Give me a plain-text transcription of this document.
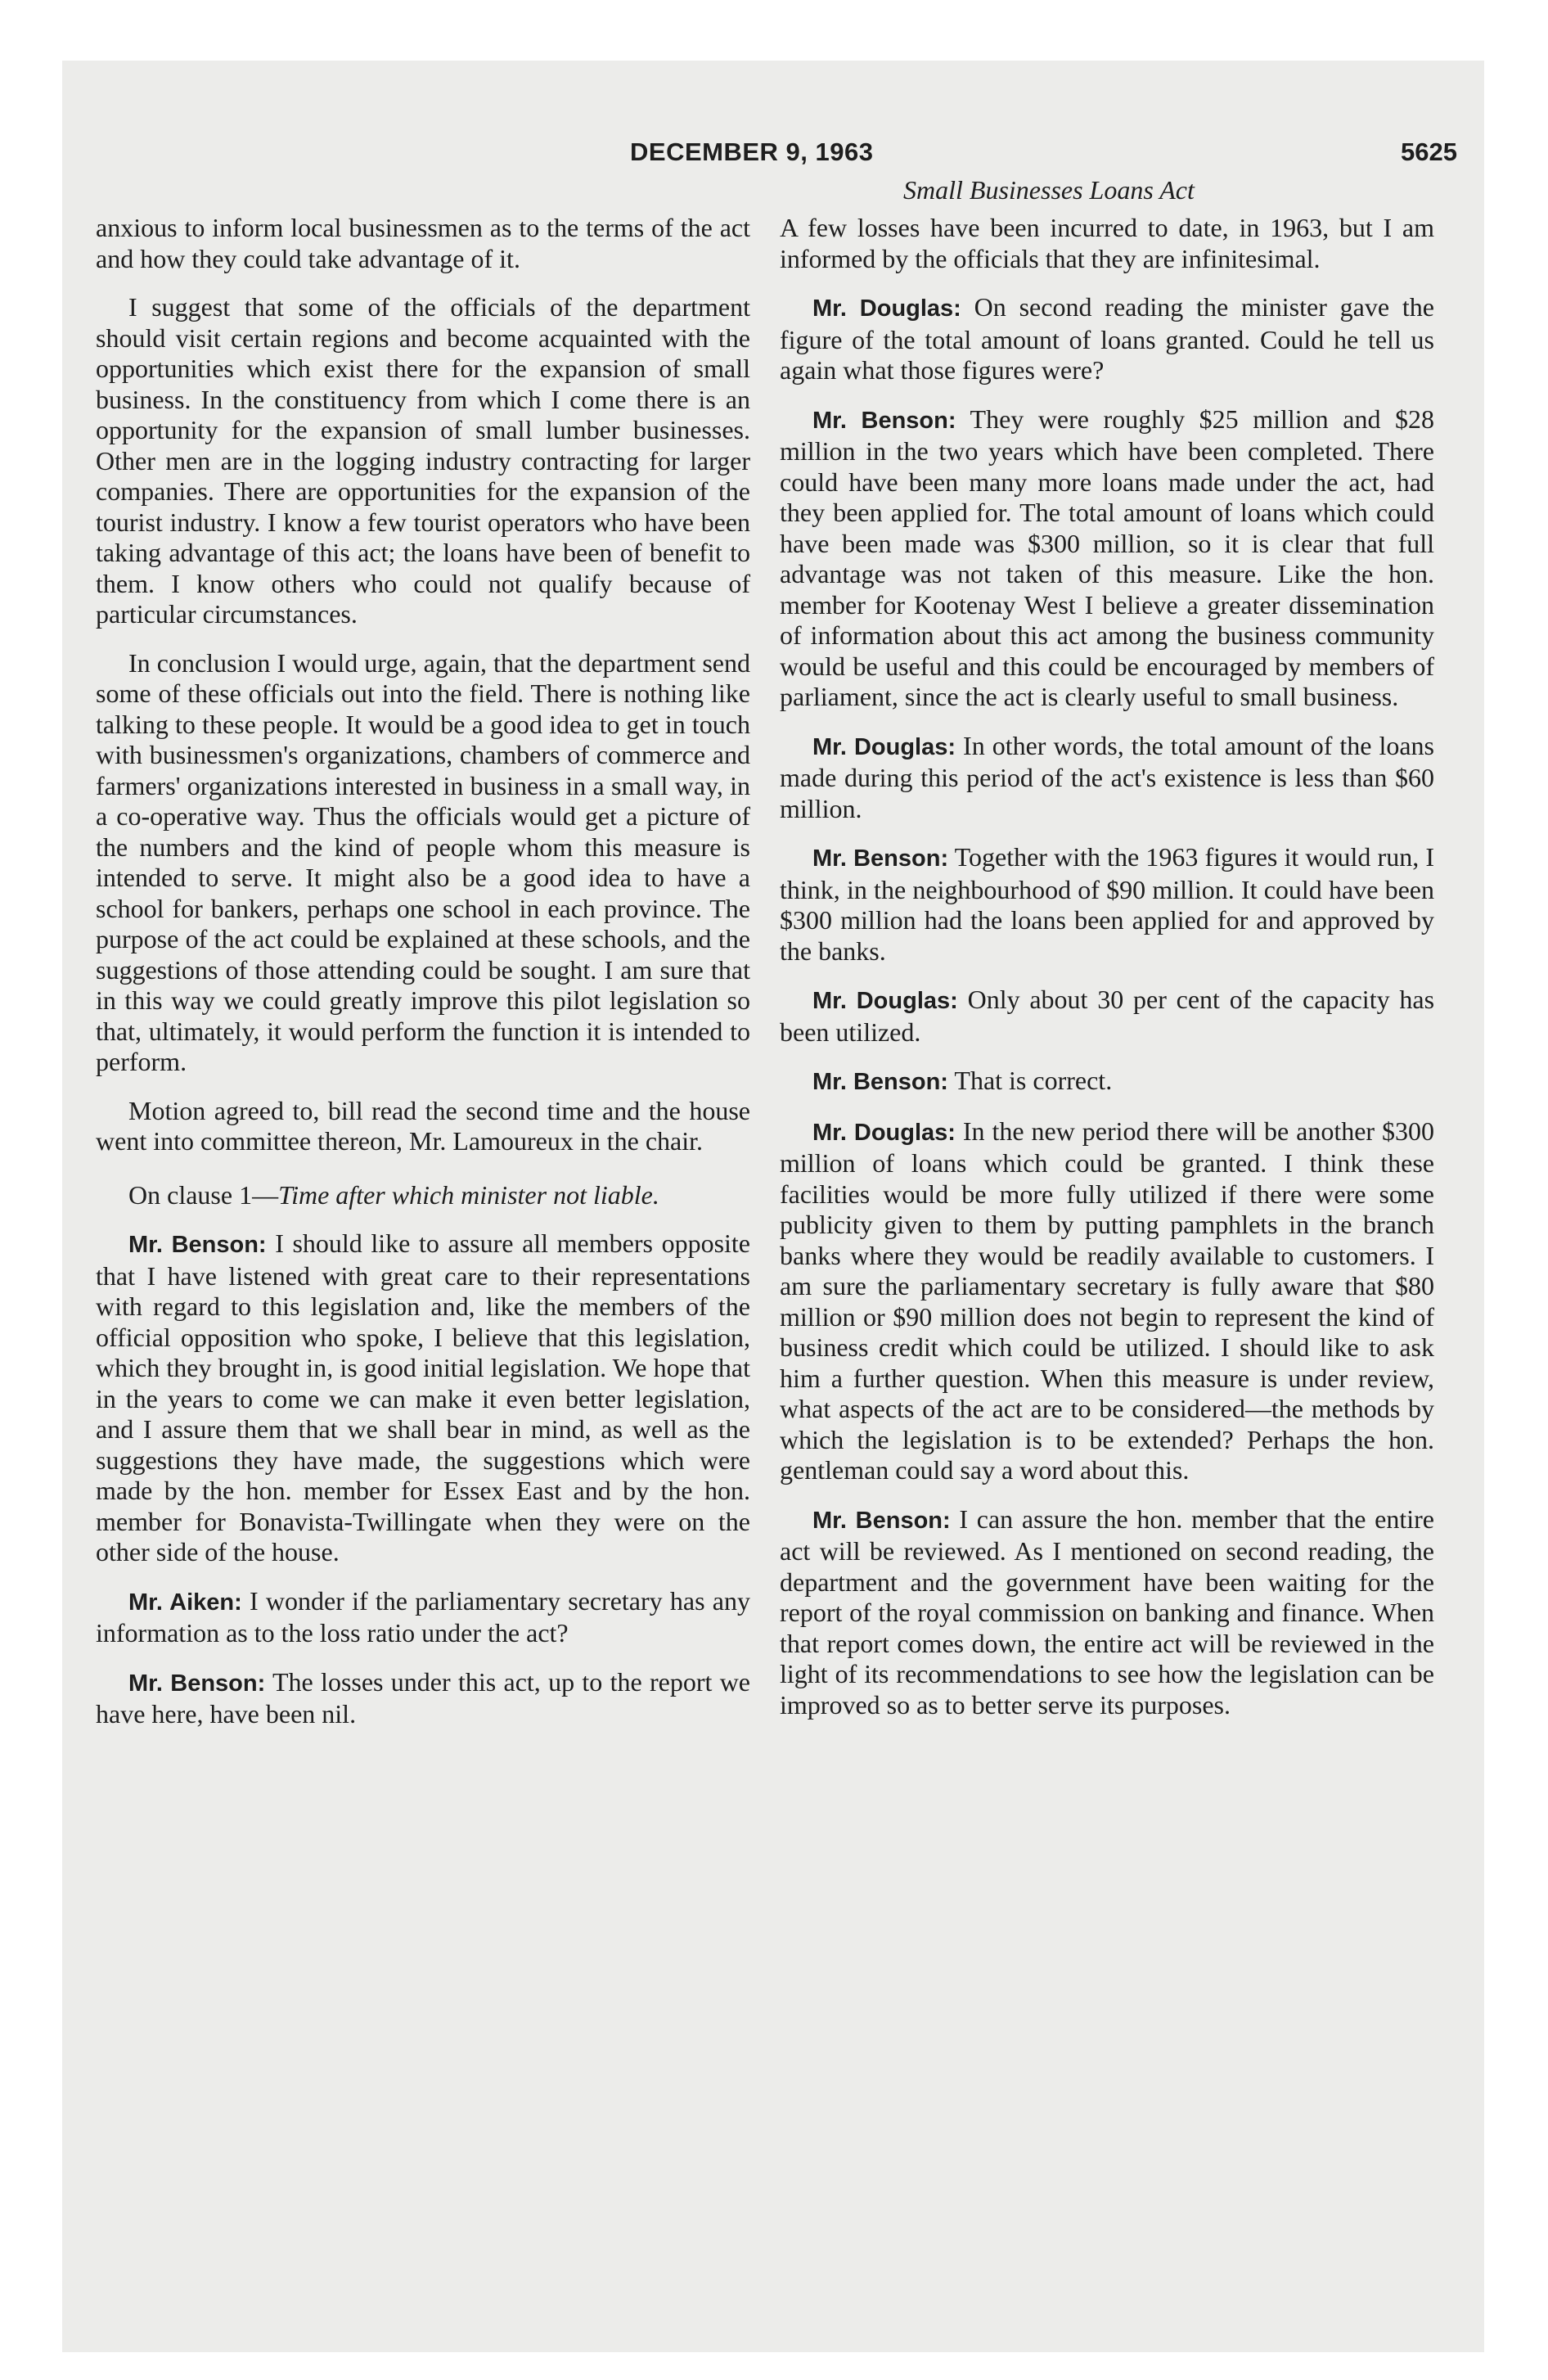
DECEMBER 9, 1963	5625
Small Businesses Loans Act

anxious to inform local businessmen as to the terms of the act and how they could take advantage of it.

I suggest that some of the officials of the department should visit certain regions and become acquainted with the opportunities which exist there for the expansion of small business. In the constituency from which I come there is an opportunity for the expansion of small lumber businesses. Other men are in the logging industry contracting for larger companies. There are opportunities for the expansion of the tourist industry. I know a few tourist operators who have been taking advantage of this act; the loans have been of benefit to them. I know others who could not qualify because of particular circumstances.

In conclusion I would urge, again, that the department send some of these officials out into the field. There is nothing like talking to these people. It would be a good idea to get in touch with businessmen's organizations, chambers of commerce and farmers' organizations interested in business in a small way, in a co-operative way. Thus the officials would get a picture of the numbers and the kind of people whom this measure is intended to serve. It might also be a good idea to have a school for bankers, perhaps one school in each province. The purpose of the act could be explained at these schools, and the suggestions of those attending could be sought. I am sure that in this way we could greatly improve this pilot legislation so that, ultimately, it would perform the function it is intended to perform.

Motion agreed to, bill read the second time and the house went into committee thereon, Mr. Lamoureux in the chair.

On clause 1—Time after which minister not liable.

Mr. Benson: I should like to assure all members opposite that I have listened with great care to their representations with regard to this legislation and, like the members of the official opposition who spoke, I believe that this legislation, which they brought in, is good initial legislation. We hope that in the years to come we can make it even better legislation, and I assure them that we shall bear in mind, as well as the suggestions they have made, the suggestions which were made by the hon. member for Essex East and by the hon. member for Bonavista-Twillingate when they were on the other side of the house.

Mr. Aiken: I wonder if the parliamentary secretary has any information as to the loss ratio under the act?

Mr. Benson: The losses under this act, up to the report we have here, have been nil.

A few losses have been incurred to date, in 1963, but I am informed by the officials that they are infinitesimal.

Mr. Douglas: On second reading the minister gave the figure of the total amount of loans granted. Could he tell us again what those figures were?

Mr. Benson: They were roughly $25 million and $28 million in the two years which have been completed. There could have been many more loans made under the act, had they been applied for. The total amount of loans which could have been made was $300 million, so it is clear that full advantage was not taken of this measure. Like the hon. member for Kootenay West I believe a greater dissemination of information about this act among the business community would be useful and this could be encouraged by members of parliament, since the act is clearly useful to small business.

Mr. Douglas: In other words, the total amount of the loans made during this period of the act's existence is less than $60 million.

Mr. Benson: Together with the 1963 figures it would run, I think, in the neighbourhood of $90 million. It could have been $300 million had the loans been applied for and approved by the banks.

Mr. Douglas: Only about 30 per cent of the capacity has been utilized.

Mr. Benson: That is correct.

Mr. Douglas: In the new period there will be another $300 million of loans which could be granted. I think these facilities would be more fully utilized if there were some publicity given to them by putting pamphlets in the branch banks where they would be readily available to customers. I am sure the parliamentary secretary is fully aware that $80 million or $90 million does not begin to represent the kind of business credit which could be utilized. I should like to ask him a further question. When this measure is under review, what aspects of the act are to be considered—the methods by which the legislation is to be extended? Perhaps the hon. gentleman could say a word about this.

Mr. Benson: I can assure the hon. member that the entire act will be reviewed. As I mentioned on second reading, the department and the government have been waiting for the report of the royal commission on banking and finance. When that report comes down, the entire act will be reviewed in the light of its recommendations to see how the legislation can be improved so as to better serve its purposes.
